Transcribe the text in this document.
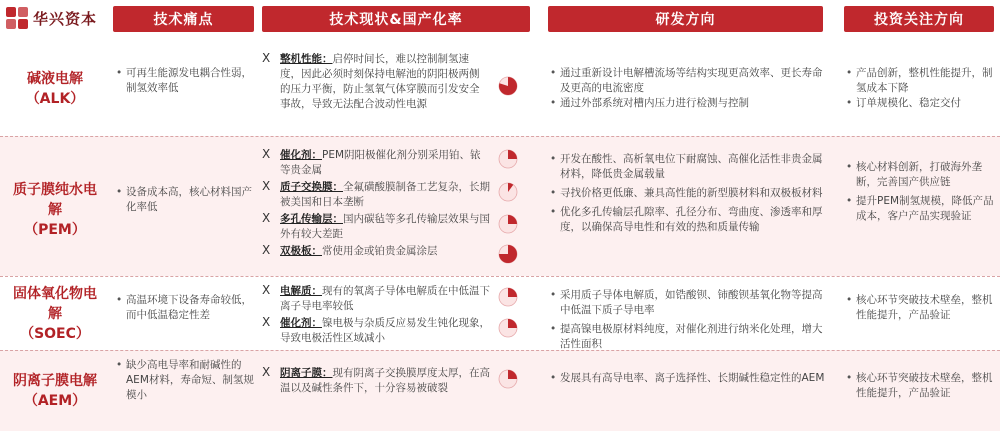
华兴资本	技术痛点	技术现状&国产化率	研发方向	投资关注方向
碱液电解
（ALK）
• 可再生能源发电耦合性弱，制氢效率低
X 整机性能：启停时间长，难以控制制氢速度，因此必须时刻保持电解池的阴阳极两侧的压力平衡，防止氢氧气体穿膜而引发安全事故，导致无法配合波动性电源
• 通过重新设计电解槽流场等结构实现更高效率、更长寿命及更高的电流密度
• 通过外部系统对槽内压力进行检测与控制
• 产品创新，整机性能提升，制氢成本下降
• 订单规模化、稳定交付
质子膜纯水电解
（PEM）
• 设备成本高，核心材料国产化率低
X 催化剂：PEM阴阳极催化剂分别采用铂、铱等贵金属
X 质子交换膜：全氟磺酸膜制备工艺复杂，长期被美国和日本垄断
X 多孔传输层：国内碳毡等多孔传输层效果与国外有较大差距
X 双极板：常使用金或铂贵金属涂层
• 开发在酸性、高析氧电位下耐腐蚀、高催化活性非贵金属材料，降低贵金属载量
• 寻找价格更低廉、兼具高性能的新型膜材料和双极板材料
• 优化多孔传输层孔隙率、孔径分布、弯曲度、渗透率和厚度，以确保高导电性和有效的热和质量传输
• 核心材料创新，打破海外垄断，完善国产供应链
• 提升PEM制氢规模，降低产品成本，客户产品实现验证
固体氧化物电解
（SOEC）
• 高温环境下设备寿命较低，而中低温稳定性差
X 电解质：现有的氧离子导体电解质在中低温下离子导电率较低
X 催化剂：镍电极与杂质反应易发生钝化现象，导致电极活性区域减小
• 采用质子导体电解质，如锆酸钡、铈酸钡基氧化物等提高中低温下质子导电率
• 提高镍电极原材料纯度，对催化剂进行纳米化处理，增大活性面积
• 核心环节突破技术壁垒，整机性能提升，产品验证
阴离子膜电解
（AEM）
• 缺少高电导率和耐碱性的AEM材料，寿命短、制氢规模小
X 阴离子膜：现有阴离子交换膜厚度太厚，在高温以及碱性条件下，十分容易被破裂
• 发展具有高导电率、离子选择性、长期碱性稳定性的AEM
•	核心环节突破技术壁垒，整机性能提升，产品验证
